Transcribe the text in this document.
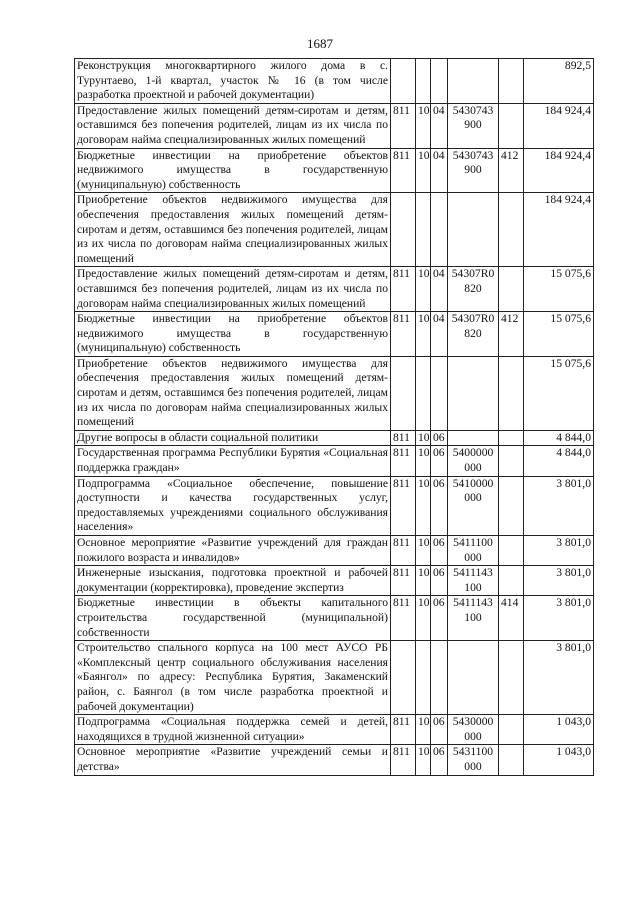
1687
Реконструкция многоквартирного жилого дома в с. Турунтаево, 1-й квартал, участок № 16 (в том числе разработка проектной и рабочей документации)						892,5
Предоставление жилых помещений детям-сиротам и детям, оставшимся без попечения родителей, лицам из их числа по договорам найма специализированных жилых помещений	811	10	04	5430743 900		184 924,4
Бюджетные инвестиции на приобретение объектов недвижимого имущества в государственную (муниципальную) собственность	811	10	04	5430743 900	412	184 924,4
Приобретение объектов недвижимого имущества для обеспечения предоставления жилых помещений детям-сиротам и детям, оставшимся без попечения родителей, лицам из их числа по договорам найма специализированных жилых помещений						184 924,4
Предоставление жилых помещений детям-сиротам и детям, оставшимся без попечения родителей, лицам из их числа по договорам найма специализированных жилых помещений	811	10	04	54307R0 820		15 075,6
Бюджетные инвестиции на приобретение объектов недвижимого имущества в государственную (муниципальную) собственность	811	10	04	54307R0 820	412	15 075,6
Приобретение объектов недвижимого имущества для обеспечения предоставления жилых помещений детям-сиротам и детям, оставшимся без попечения родителей, лицам из их числа по договорам найма специализированных жилых помещений						15 075,6
Другие вопросы в области социальной политики	811	10	06			4 844,0
Государственная программа Республики Бурятия «Социальная поддержка граждан»	811	10	06	5400000 000		4 844,0
Подпрограмма «Социальное обеспечение, повышение доступности и качества государственных услуг, предоставляемых учреждениями социального обслуживания населения»	811	10	06	5410000 000		3 801,0
Основное мероприятие «Развитие учреждений для граждан пожилого возраста и инвалидов»	811	10	06	5411100 000		3 801,0
Инженерные изыскания, подготовка проектной и рабочей документации (корректировка), проведение экспертиз	811	10	06	5411143 100		3 801,0
Бюджетные инвестиции в объекты капитального строительства государственной (муниципальной) собственности	811	10	06	5411143 100	414	3 801,0
Строительство спального корпуса на 100 мест АУСО РБ «Комплексный центр социального обслуживания населения «Баянгол» по адресу: Республика Бурятия, Закаменский район, с. Баянгол (в том числе разработка проектной и рабочей документации)						3 801,0
Подпрограмма «Социальная поддержка семей и детей, находящихся в трудной жизненной ситуации»	811	10	06	5430000 000		1 043,0
Основное мероприятие «Развитие учреждений семьи и детства»	811	10	06	5431100 000		1 043,0
